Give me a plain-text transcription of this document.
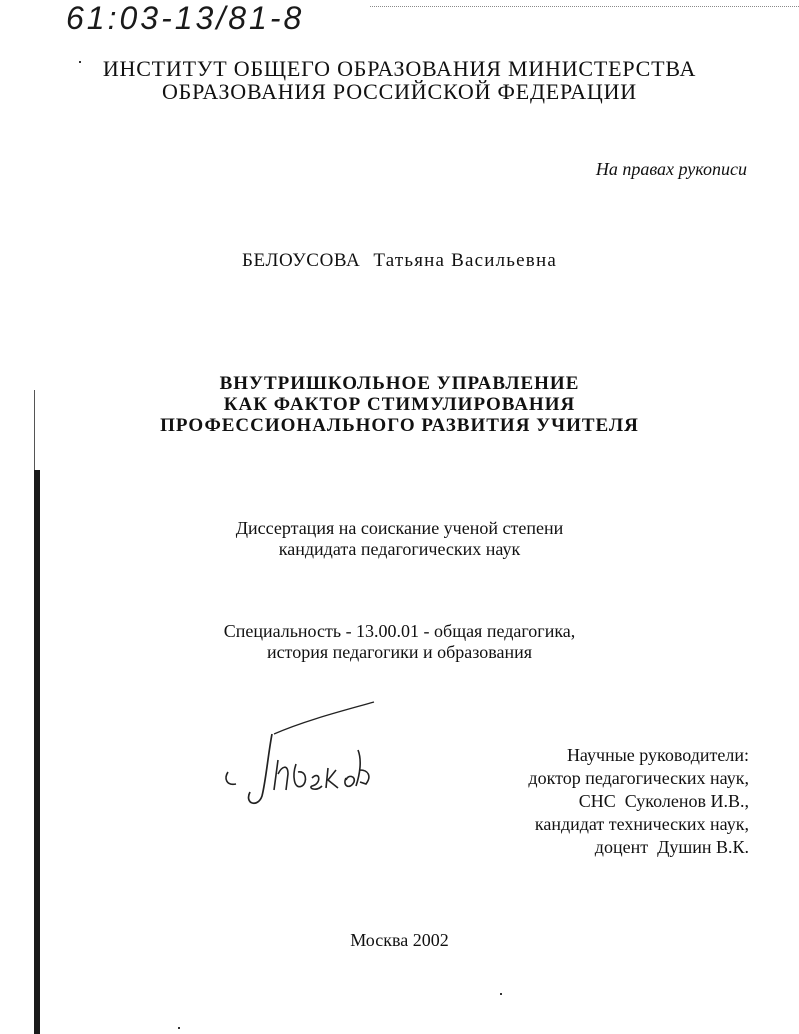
61:03-13/81-8
ИНСТИТУТ ОБЩЕГО ОБРАЗОВАНИЯ МИНИСТЕРСТВА
ОБРАЗОВАНИЯ РОССИЙСКОЙ ФЕДЕРАЦИИ
На правах рукописи
БЕЛОУСОВА Татьяна Васильевна
ВНУТРИШКОЛЬНОЕ УПРАВЛЕНИЕ
КАК ФАКТОР СТИМУЛИРОВАНИЯ
ПРОФЕССИОНАЛЬНОГО РАЗВИТИЯ УЧИТЕЛЯ
Диссертация на соискание ученой степени
кандидата педагогических наук
Специальность - 13.00.01 - общая педагогика,
история педагогики и образования
Научные руководители:
доктор педагогических наук,
СНС  Суколенов И.В.,
кандидат технических наук,
доцент  Душин В.К.
Москва 2002
